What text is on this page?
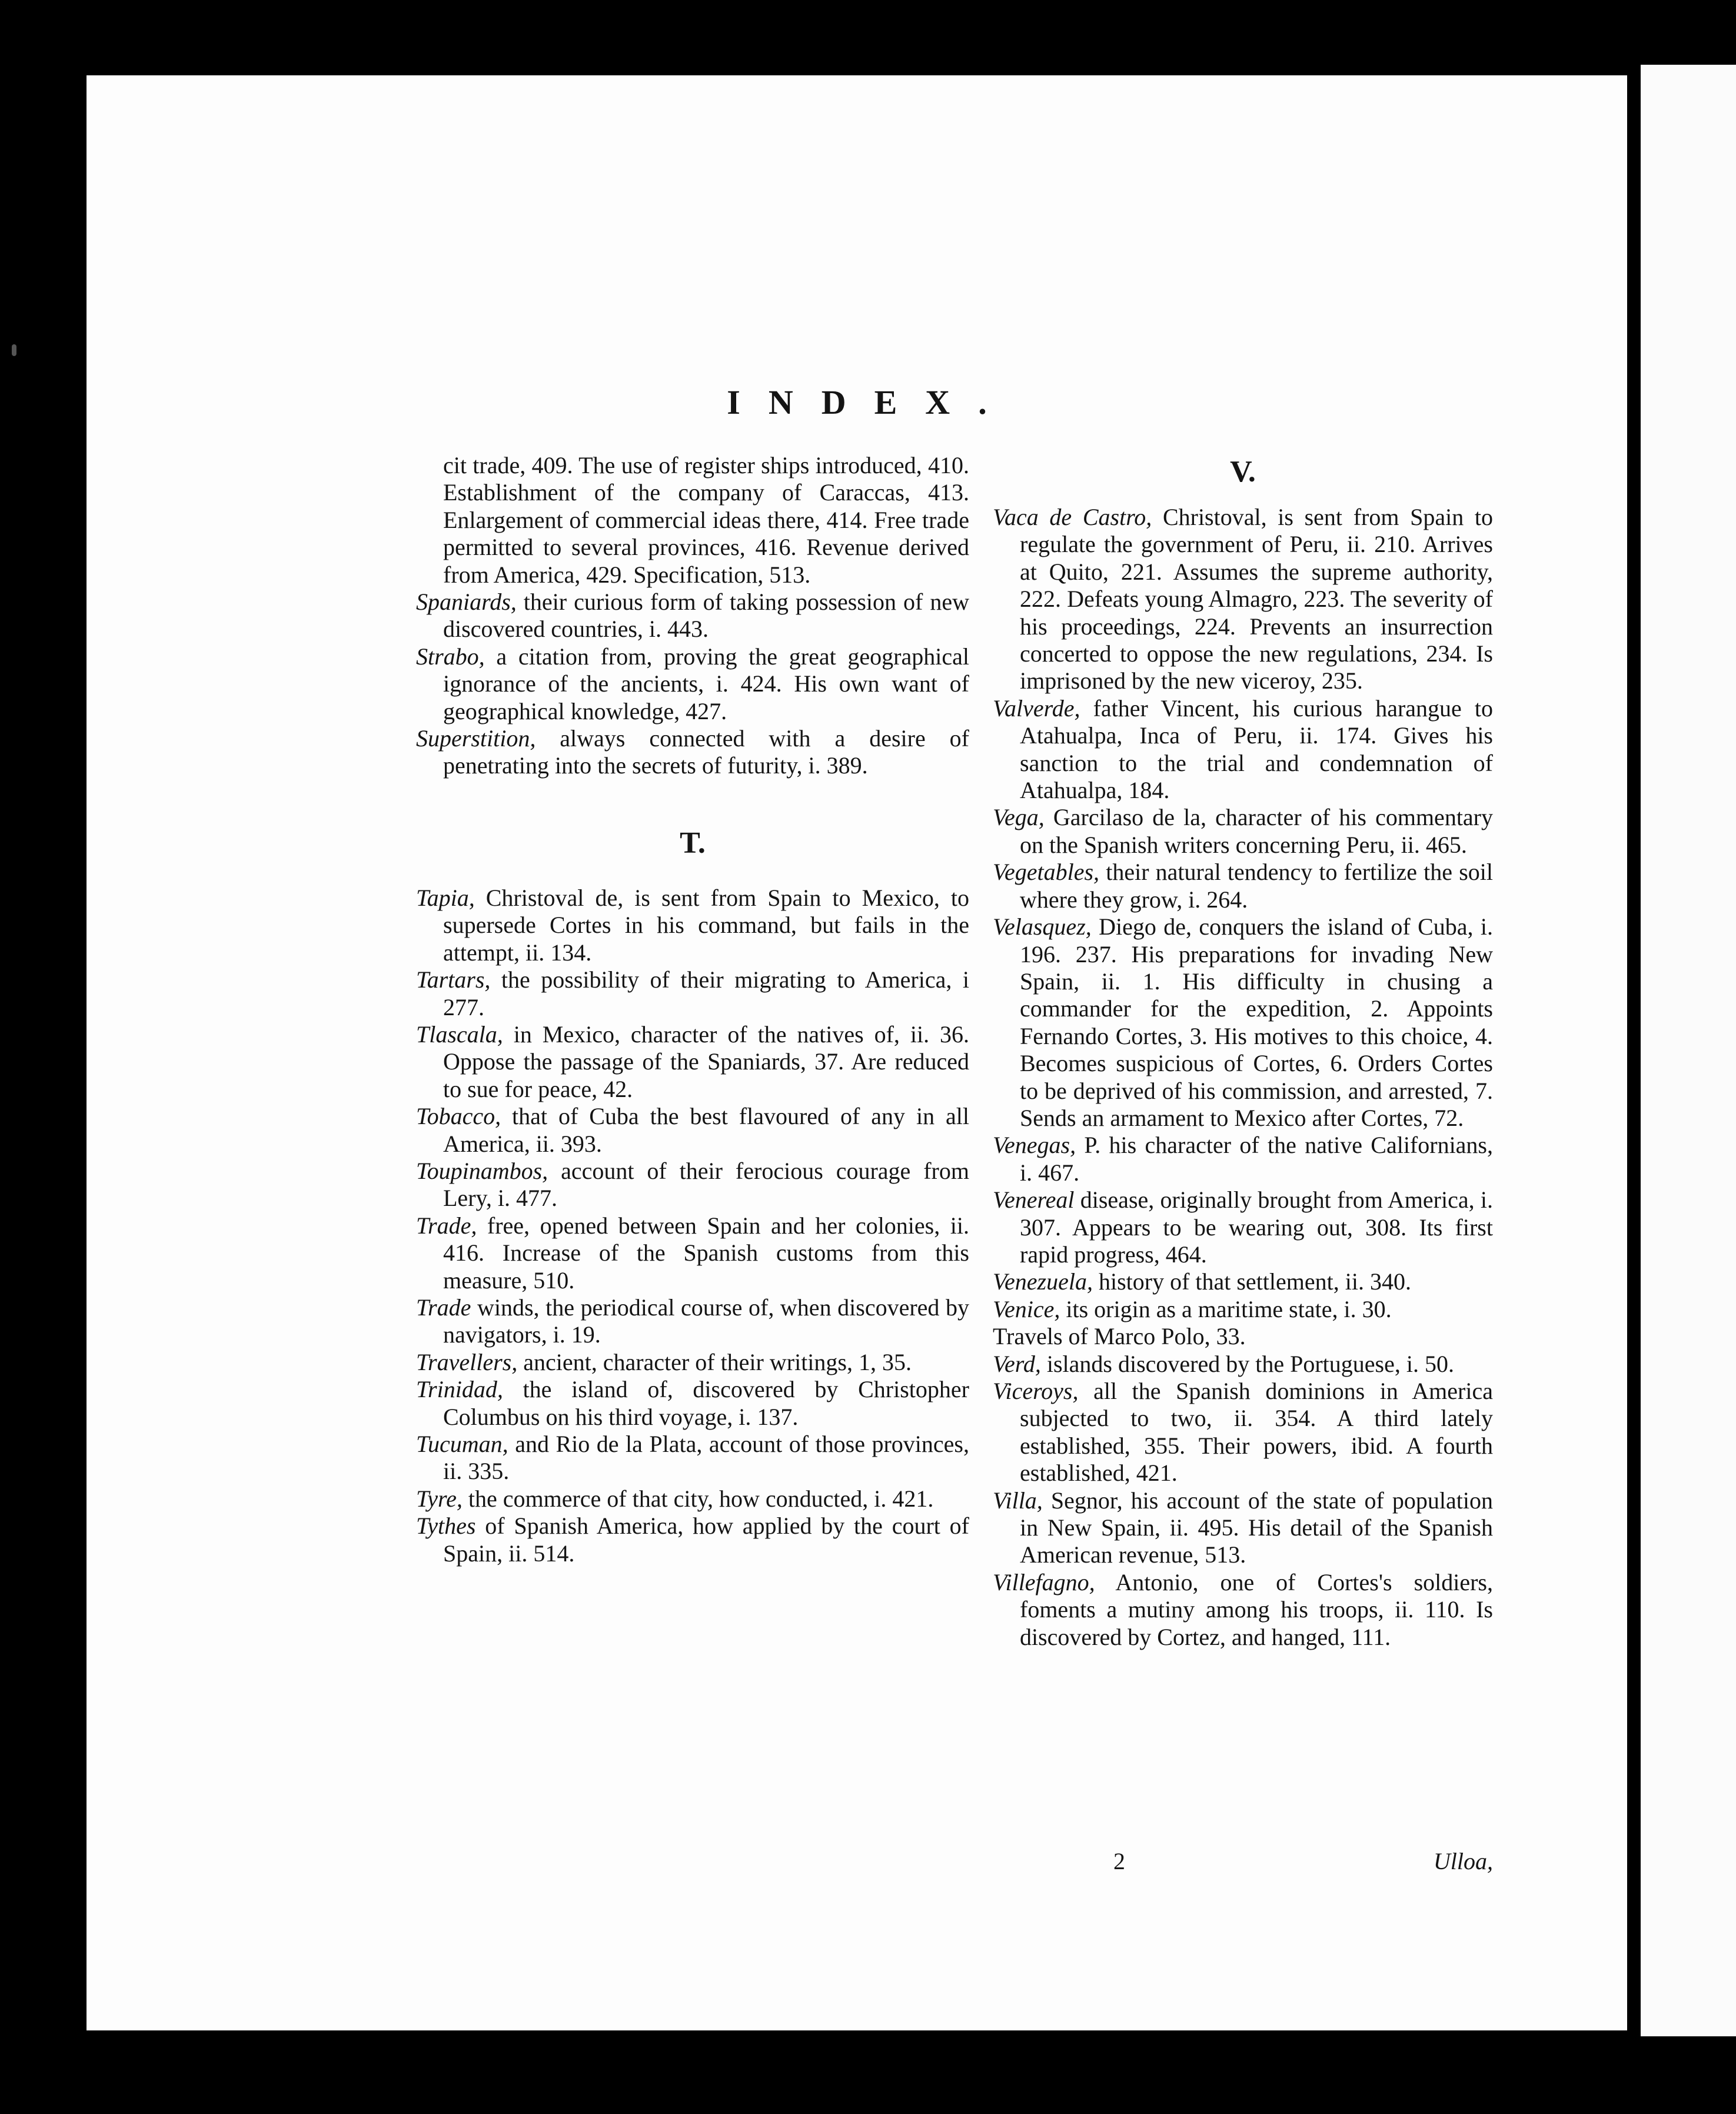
INDEX.
cit trade, 409. The use of register ships introduced, 410. Establishment of the company of Caraccas, 413. Enlargement of commercial ideas there, 414. Free trade permitted to several provinces, 416. Revenue derived from America, 429. Specification, 513.
Spaniards, their curious form of taking possession of new discovered countries, i. 443.
Strabo, a citation from, proving the great geographical ignorance of the ancients, i. 424. His own want of geographical knowledge, 427.
Superstition, always connected with a desire of penetrating into the secrets of futurity, i. 389.
T.
Tapia, Christoval de, is sent from Spain to Mexico, to supersede Cortes in his command, but fails in the attempt, ii. 134.
Tartars, the possibility of their migrating to America, i 277.
Tlascala, in Mexico, character of the natives of, ii. 36. Oppose the passage of the Spaniards, 37. Are reduced to sue for peace, 42.
Tobacco, that of Cuba the best flavoured of any in all America, ii. 393.
Toupinambos, account of their ferocious courage from Lery, i. 477.
Trade, free, opened between Spain and her colonies, ii. 416. Increase of the Spanish customs from this measure, 510.
Trade winds, the periodical course of, when discovered by navigators, i. 19.
Travellers, ancient, character of their writings, 1, 35.
Trinidad, the island of, discovered by Christopher Columbus on his third voyage, i. 137.
Tucuman, and Rio de la Plata, account of those provinces, ii. 335.
Tyre, the commerce of that city, how conducted, i. 421.
Tythes of Spanish America, how applied by the court of Spain, ii. 514.
V.
Vaca de Castro, Christoval, is sent from Spain to regulate the government of Peru, ii. 210. Arrives at Quito, 221. Assumes the supreme authority, 222. Defeats young Almagro, 223. The severity of his proceedings, 224. Prevents an insurrection concerted to oppose the new regulations, 234. Is imprisoned by the new viceroy, 235.
Valverde, father Vincent, his curious harangue to Atahualpa, Inca of Peru, ii. 174. Gives his sanction to the trial and condemnation of Atahualpa, 184.
Vega, Garcilaso de la, character of his commentary on the Spanish writers concerning Peru, ii. 465.
Vegetables, their natural tendency to fertilize the soil where they grow, i. 264.
Velasquez, Diego de, conquers the island of Cuba, i. 196. 237. His preparations for invading New Spain, ii. 1. His difficulty in chusing a commander for the expedition, 2. Appoints Fernando Cortes, 3. His motives to this choice, 4. Becomes suspicious of Cortes, 6. Orders Cortes to be deprived of his commission, and arrested, 7. Sends an armament to Mexico after Cortes, 72.
Venegas, P. his character of the native Californians, i. 467.
Venereal disease, originally brought from America, i. 307. Appears to be wearing out, 308. Its first rapid progress, 464.
Venezuela, history of that settlement, ii. 340.
Venice, its origin as a maritime state, i. 30.
Travels of Marco Polo, 33.
Verd, islands discovered by the Portuguese, i. 50.
Viceroys, all the Spanish dominions in America subjected to two, ii. 354. A third lately established, 355. Their powers, ibid. A fourth established, 421.
Villa, Segnor, his account of the state of population in New Spain, ii. 495. His detail of the Spanish American revenue, 513.
Villefagno, Antonio, one of Cortes's soldiers, foments a mutiny among his troops, ii. 110. Is discovered by Cortez, and hanged, 111.
2	Ulloa,
